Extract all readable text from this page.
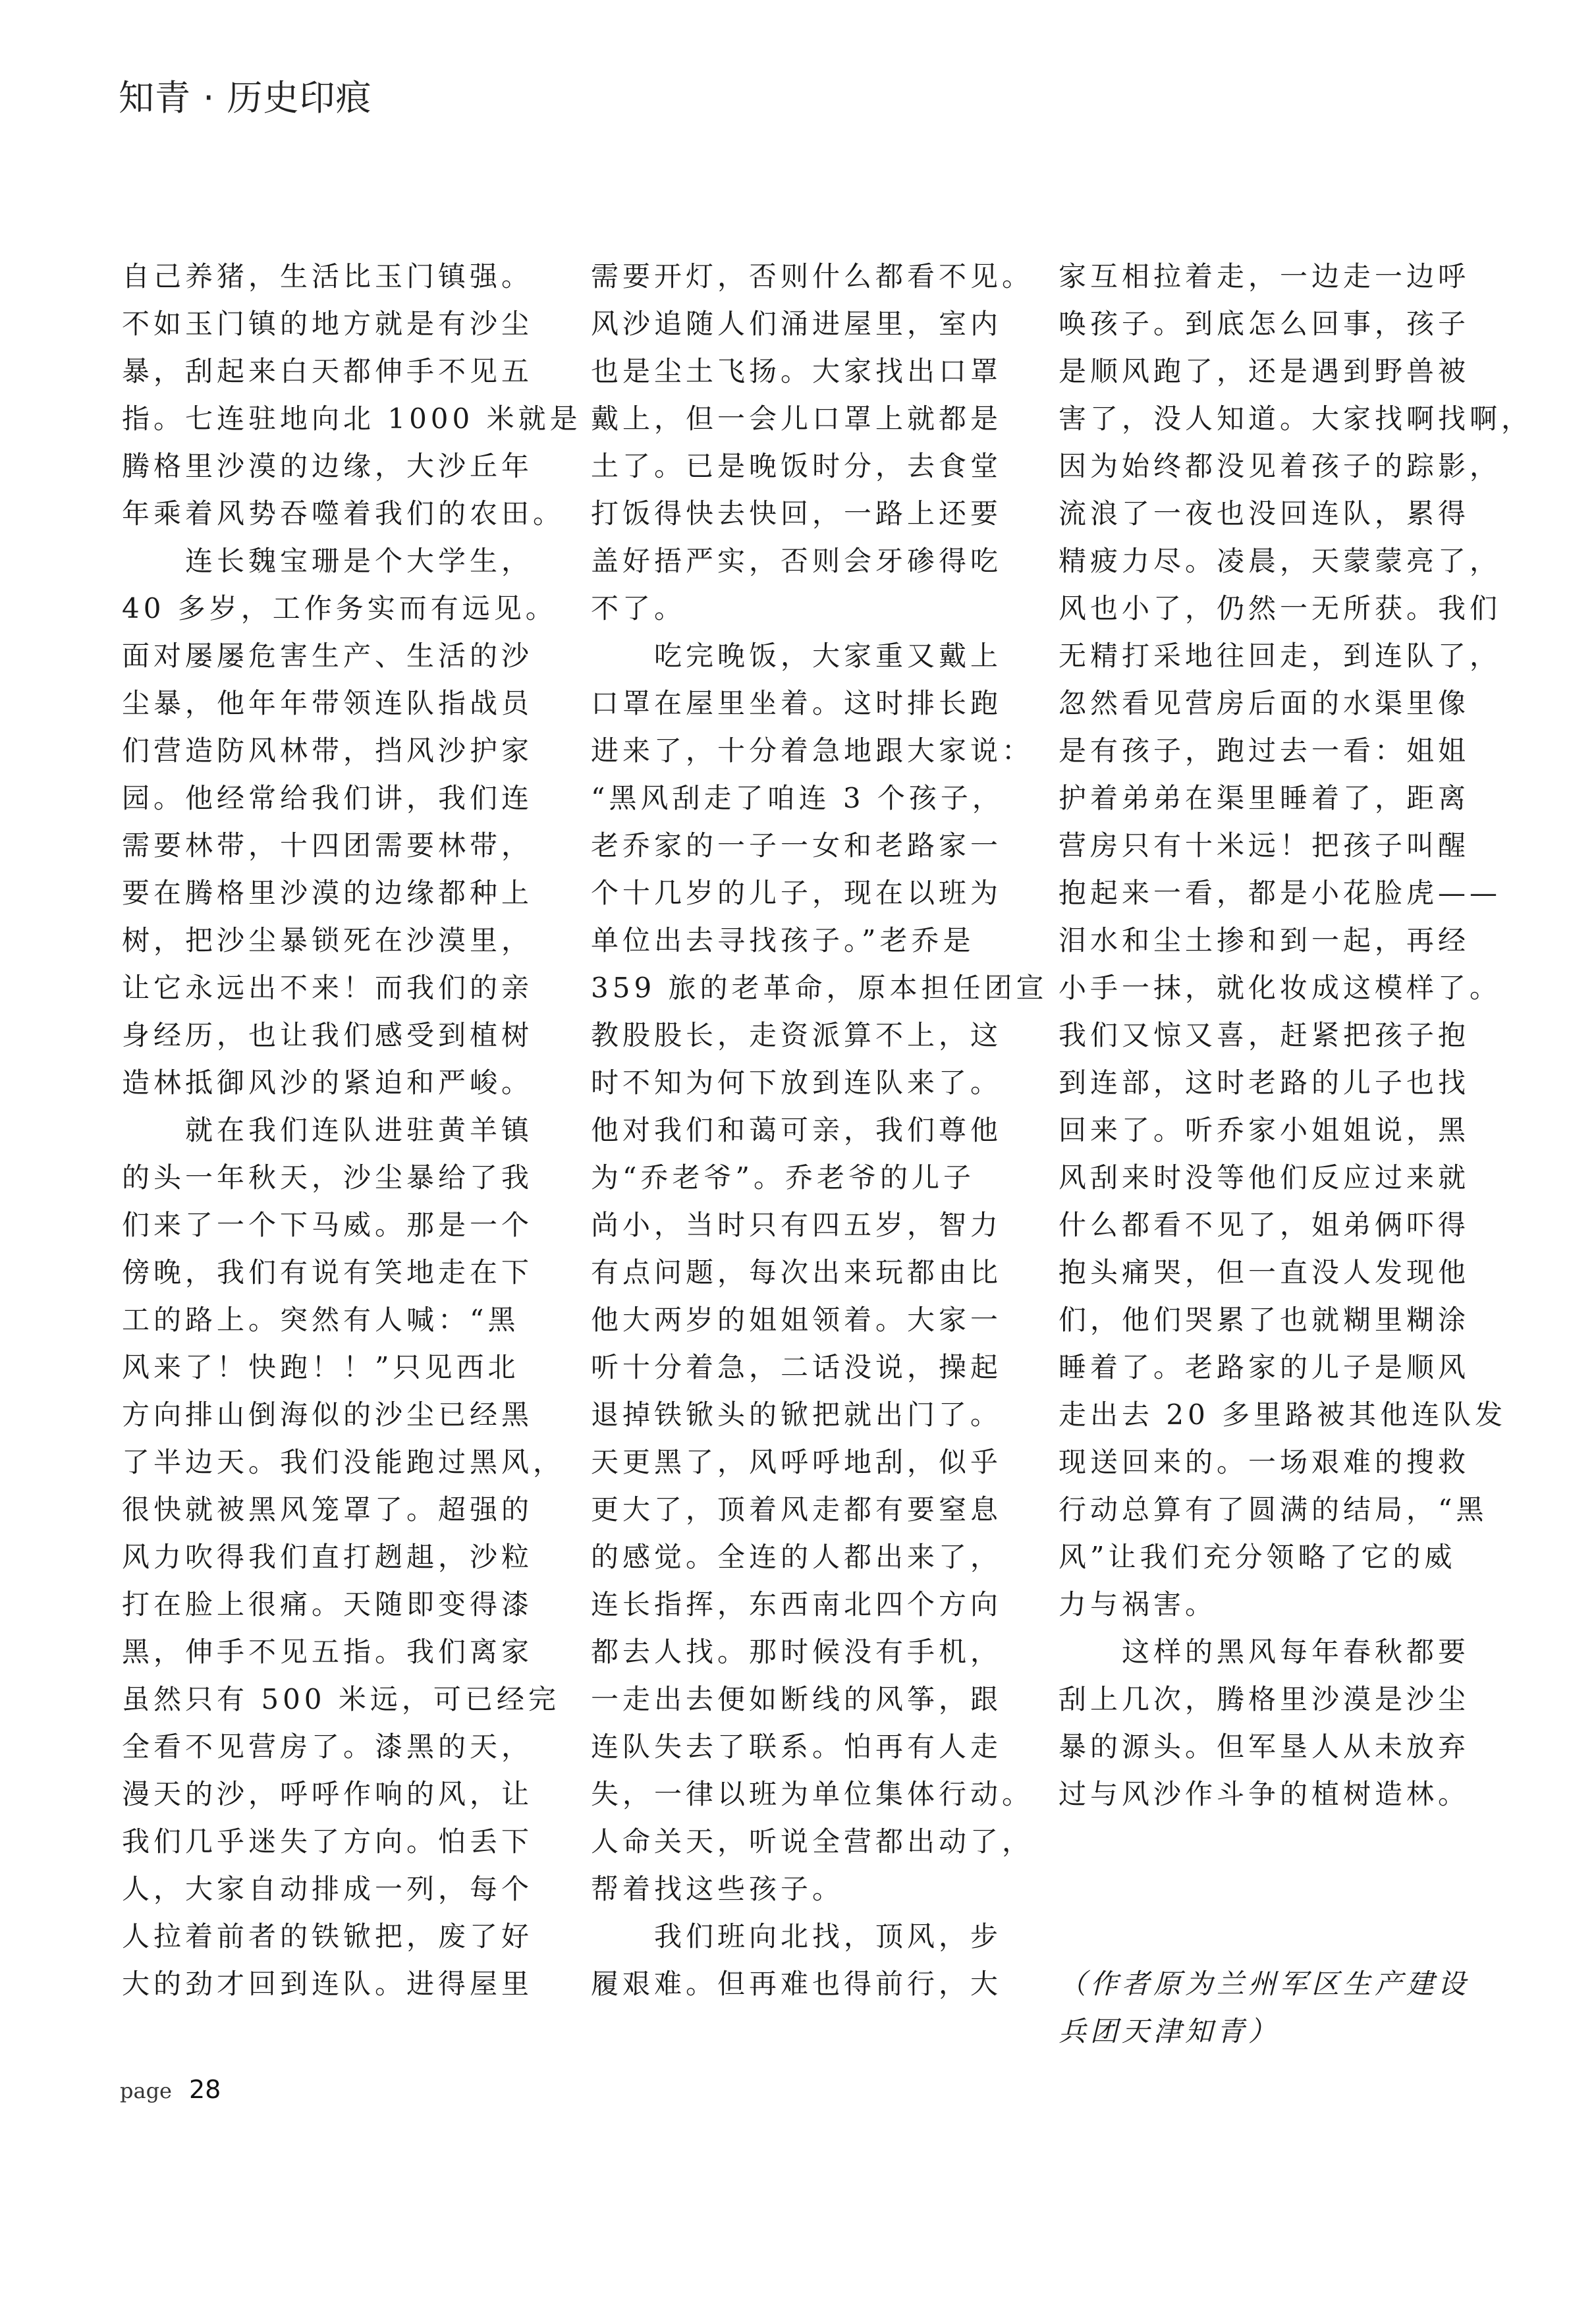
知青 · 历史印痕
自己养猪，生活比玉门镇强。
不如玉门镇的地方就是有沙尘
暴，刮起来白天都伸手不见五
指。七连驻地向北 1000 米就是
腾格里沙漠的边缘，大沙丘年
年乘着风势吞噬着我们的农田。
连长魏宝珊是个大学生，
40 多岁，工作务实而有远见。
面对屡屡危害生产、生活的沙
尘暴，他年年带领连队指战员
们营造防风林带，挡风沙护家
园。他经常给我们讲，我们连
需要林带，十四团需要林带，
要在腾格里沙漠的边缘都种上
树，把沙尘暴锁死在沙漠里，
让它永远出不来！而我们的亲
身经历，也让我们感受到植树
造林抵御风沙的紧迫和严峻。
就在我们连队进驻黄羊镇
的头一年秋天，沙尘暴给了我
们来了一个下马威。那是一个
傍晚，我们有说有笑地走在下
工的路上。突然有人喊：“黑
风来了！快跑！！”只见西北
方向排山倒海似的沙尘已经黑
了半边天。我们没能跑过黑风，
很快就被黑风笼罩了。超强的
风力吹得我们直打趔趄，沙粒
打在脸上很痛。天随即变得漆
黑，伸手不见五指。我们离家
虽然只有 500 米远，可已经完
全看不见营房了。漆黑的天，
漫天的沙，呼呼作响的风，让
我们几乎迷失了方向。怕丢下
人，大家自动排成一列，每个
人拉着前者的铁锨把，废了好
大的劲才回到连队。进得屋里
需要开灯，否则什么都看不见。
风沙追随人们涌进屋里，室内
也是尘土飞扬。大家找出口罩
戴上，但一会儿口罩上就都是
土了。已是晚饭时分，去食堂
打饭得快去快回，一路上还要
盖好捂严实，否则会牙碜得吃
不了。
吃完晚饭，大家重又戴上
口罩在屋里坐着。这时排长跑
进来了，十分着急地跟大家说：
“黑风刮走了咱连 3 个孩子，
老乔家的一子一女和老路家一
个十几岁的儿子，现在以班为
单位出去寻找孩子。”老乔是
359 旅的老革命，原本担任团宣
教股股长，走资派算不上，这
时不知为何下放到连队来了。
他对我们和蔼可亲，我们尊他
为“乔老爷”。乔老爷的儿子
尚小，当时只有四五岁，智力
有点问题，每次出来玩都由比
他大两岁的姐姐领着。大家一
听十分着急，二话没说，操起
退掉铁锨头的锨把就出门了。
天更黑了，风呼呼地刮，似乎
更大了，顶着风走都有要窒息
的感觉。全连的人都出来了，
连长指挥，东西南北四个方向
都去人找。那时候没有手机，
一走出去便如断线的风筝，跟
连队失去了联系。怕再有人走
失，一律以班为单位集体行动。
人命关天，听说全营都出动了，
帮着找这些孩子。
我们班向北找，顶风，步
履艰难。但再难也得前行，大
家互相拉着走，一边走一边呼
唤孩子。到底怎么回事，孩子
是顺风跑了，还是遇到野兽被
害了，没人知道。大家找啊找啊，
因为始终都没见着孩子的踪影，
流浪了一夜也没回连队，累得
精疲力尽。凌晨，天蒙蒙亮了，
风也小了，仍然一无所获。我们
无精打采地往回走，到连队了，
忽然看见营房后面的水渠里像
是有孩子，跑过去一看：姐姐
护着弟弟在渠里睡着了，距离
营房只有十米远！把孩子叫醒
抱起来一看，都是小花脸虎——
泪水和尘土掺和到一起，再经
小手一抹，就化妆成这模样了。
我们又惊又喜，赶紧把孩子抱
到连部，这时老路的儿子也找
回来了。听乔家小姐姐说，黑
风刮来时没等他们反应过来就
什么都看不见了，姐弟俩吓得
抱头痛哭，但一直没人发现他
们，他们哭累了也就糊里糊涂
睡着了。老路家的儿子是顺风
走出去 20 多里路被其他连队发
现送回来的。一场艰难的搜救
行动总算有了圆满的结局，“黑
风”让我们充分领略了它的威
力与祸害。
这样的黑风每年春秋都要
刮上几次，腾格里沙漠是沙尘
暴的源头。但军垦人从未放弃
过与风沙作斗争的植树造林。
（作者原为兰州军区生产建设
兵团天津知青）
page 28
